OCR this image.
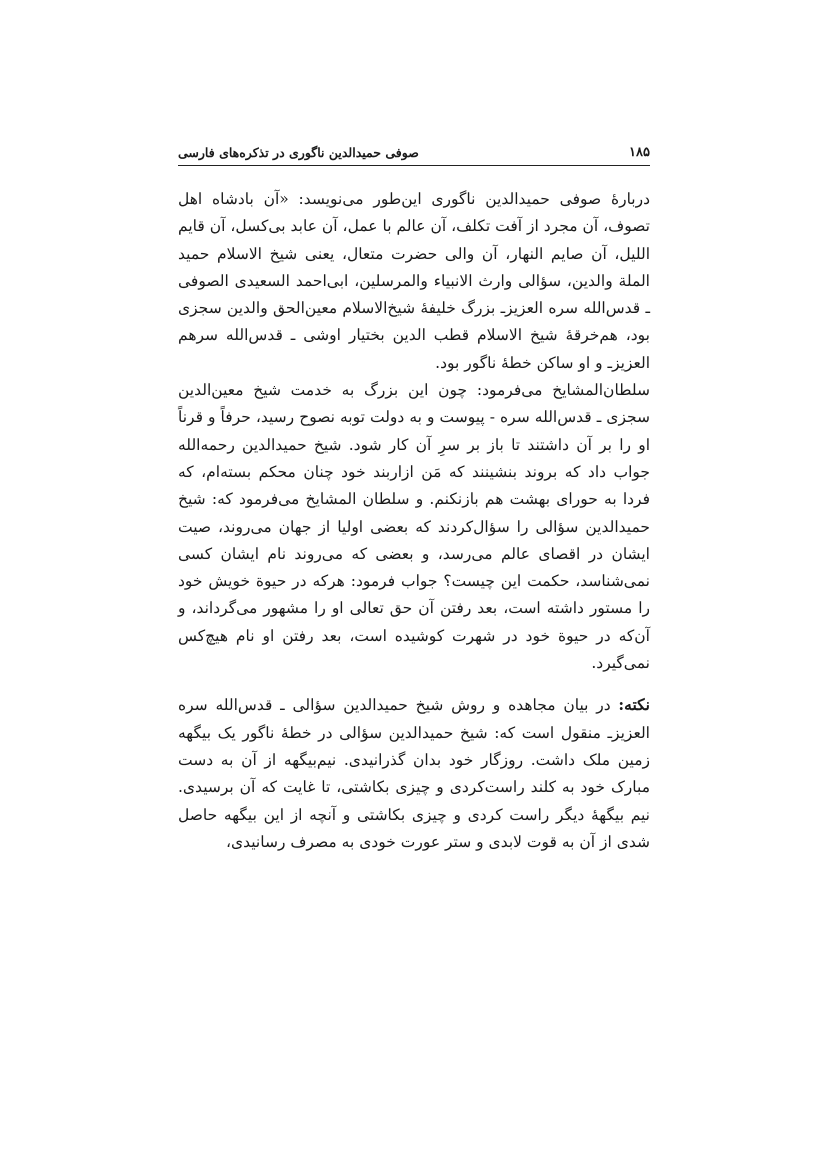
۱۸۵
صوفی حمیدالدین ناگوری در تذکره‌های فارسی

دربارهٔ صوفی حمیدالدین ناگوری این‌طور می‌نویسد: «آن بادشاه اهل تصوف، آن مجرد از آفت تکلف، آن عالم با عمل، آن عابد بی‌کسل، آن قایم اللیل، آن صایم النهار، آن والی حضرت متعال، یعنی شیخ الاسلام حمید الملة والدین، سؤالی وارث الانبیاء والمرسلین، ابی‌احمد السعیدی الصوفی ـ قدس‌الله سره العزیزـ بزرگ خلیفهٔ شیخ‌الاسلام معین‌الحق والدین سجزی بود، هم‌خرقهٔ شیخ الاسلام قطب الدین بختیار اوشی ـ قدس‌الله سرهم العزیزـ و او ساکن خطهٔ ناگور بود.

سلطان‌المشایخ می‌فرمود: چون این بزرگ به خدمت شیخ معین‌الدین سجزی ـ قدس‌الله سره - پیوست و به دولت توبه نصوح رسید، حرفاً و قرناً او را بر آن داشتند تا باز بر سرِ آن کار شود. شیخ حمیدالدین رحمه‌الله جواب داد که بروند بنشینند که مَن ازاربند خود چنان محکم بسته‌ام، که فردا به حورای بهشت هم بازنکنم. و سلطان المشایخ می‌فرمود که: شیخ حمیدالدین سؤالی را سؤال‌کردند که بعضی اولیا از جهان می‌روند، صیت ایشان در اقصای عالم می‌رسد، و بعضی که می‌روند نام ایشان کسی نمی‌شناسد، حکمت این چیست؟ جواب فرمود: هرکه در حیوة خویش خود را مستور داشته است، بعد رفتن آن حق تعالی او را مشهور می‌گرداند، و آن‌که در حیوة خود در شهرت کوشیده است، بعد رفتن او نام هیچ‌کس نمی‌گیرد.

نکته: در بیان مجاهده و روش شیخ حمیدالدین سؤالی ـ قدس‌الله سره العزیزـ منقول است که: شیخ حمیدالدین سؤالی در خطهٔ ناگور یک بیگهه زمین ملک داشت. روزگار خود بدان گذرانیدی. نیم‌بیگهه از آن به دست مبارک خود به کلند راست‌کردی و چیزی بکاشتی، تا غایت که آن برسیدی. نیم بیگههٔ دیگر راست کردی و چیزی بکاشتی و آنچه از این بیگهه حاصل شدی از آن به قوت لابدی و ستر عورت خودی به مصرف رسانیدی،
